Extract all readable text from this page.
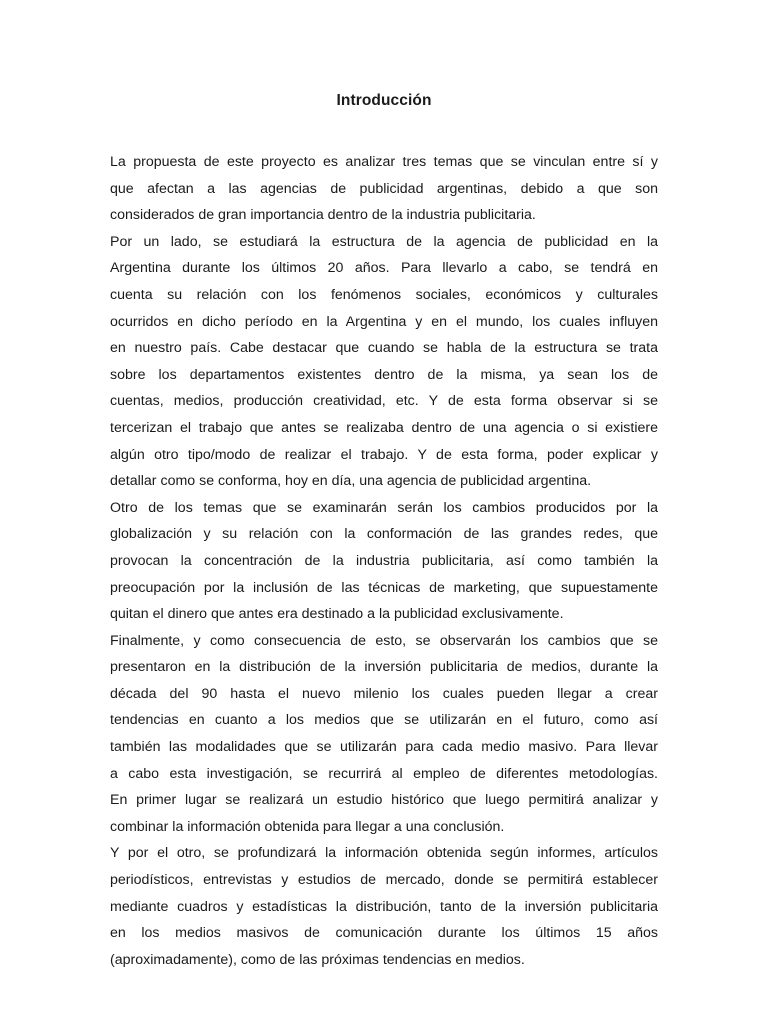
Introducción
La propuesta de este proyecto es analizar tres temas que se vinculan entre sí y
que afectan a las agencias de publicidad argentinas, debido a que son
considerados de gran importancia dentro de la industria publicitaria.
Por un lado, se estudiará la estructura de la agencia de publicidad en la
Argentina durante los últimos 20 años. Para llevarlo a cabo, se tendrá en
cuenta su relación con los fenómenos sociales, económicos y culturales
ocurridos en dicho período en la Argentina y en el mundo, los cuales influyen
en nuestro país. Cabe destacar que cuando se habla de la estructura se trata
sobre los departamentos existentes dentro de la misma, ya sean los de
cuentas, medios, producción creatividad, etc. Y de esta forma observar si se
tercerizan el trabajo que antes se realizaba dentro de una agencia o si existiere
algún otro tipo/modo de realizar el trabajo. Y de esta forma, poder explicar y
detallar como se conforma, hoy en día, una agencia de publicidad argentina.
Otro de los temas que se examinarán serán los cambios producidos por la
globalización y su relación con la conformación de las grandes redes, que
provocan la concentración de la industria publicitaria, así como también la
preocupación por la inclusión de las técnicas de marketing, que supuestamente
quitan el dinero que antes era destinado a la publicidad exclusivamente.
Finalmente, y como consecuencia de esto, se observarán los cambios que se
presentaron en la distribución de la inversión publicitaria de medios, durante la
década del 90 hasta el nuevo milenio los cuales pueden llegar a crear
tendencias en cuanto a los medios que se utilizarán en el futuro, como así
también las modalidades que se utilizarán para cada medio masivo. Para llevar
a cabo esta investigación, se recurrirá al empleo de diferentes metodologías.
En primer lugar se realizará un estudio histórico que luego permitirá analizar y
combinar la información obtenida para llegar a una conclusión.
Y por el otro, se profundizará la información obtenida según informes, artículos
periodísticos, entrevistas y estudios de mercado, donde se permitirá establecer
mediante cuadros y estadísticas la distribución, tanto de la inversión publicitaria
en los medios masivos de comunicación durante los últimos 15 años
(aproximadamente), como de las próximas tendencias en medios.
